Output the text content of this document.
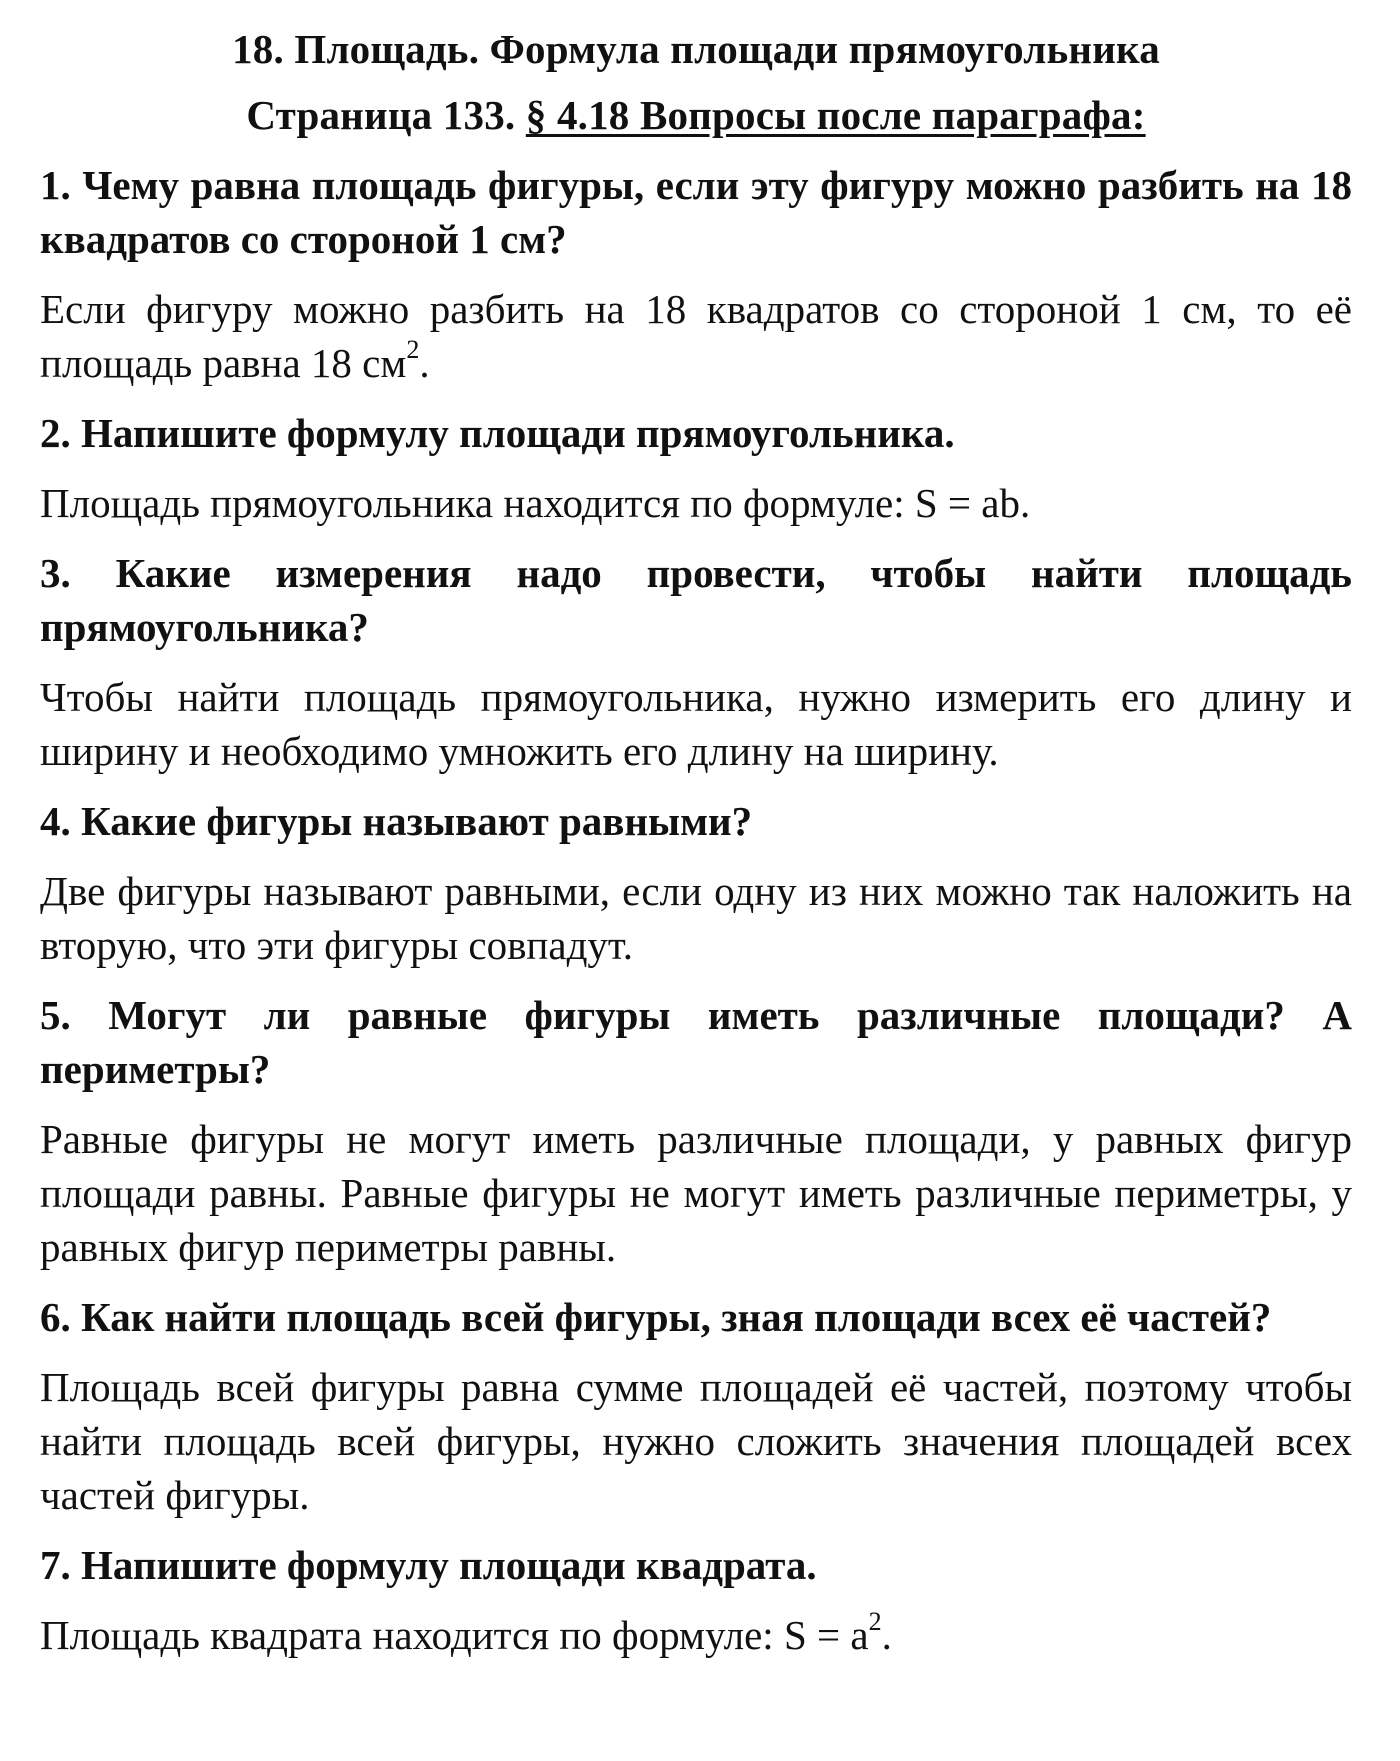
18. Площадь. Формула площади прямоугольника
Страница 133. § 4.18 Вопросы после параграфа:
1. Чему равна площадь фигуры, если эту фигуру можно разбить на 18 квадратов со стороной 1 см?
Если фигуру можно разбить на 18 квадратов со стороной 1 см, то её площадь равна 18 $см^2$.
2. Напишите формулу площади прямоугольника.
Площадь прямоугольника находится по формуле: S = ab.
3. Какие измерения надо провести, чтобы найти площадь прямоугольника?
Чтобы найти площадь прямоугольника, нужно измерить его длину и ширину и необходимо умножить его длину на ширину.
4. Какие фигуры называют равными?
Две фигуры называют равными, если одну из них можно так наложить на вторую, что эти фигуры совпадут.
5. Могут ли равные фигуры иметь различные площади? А периметры?
Равные фигуры не могут иметь различные площади, у равных фигур площади равны. Равные фигуры не могут иметь различные периметры, у равных фигур периметры равны.
6. Как найти площадь всей фигуры, зная площади всех её частей?
Площадь всей фигуры равна сумме площадей её частей, поэтому чтобы найти площадь всей фигуры, нужно сложить значения площадей всех частей фигуры.
7. Напишите формулу площади квадрата.
Площадь квадрата находится по формуле: $S = a^2$.
